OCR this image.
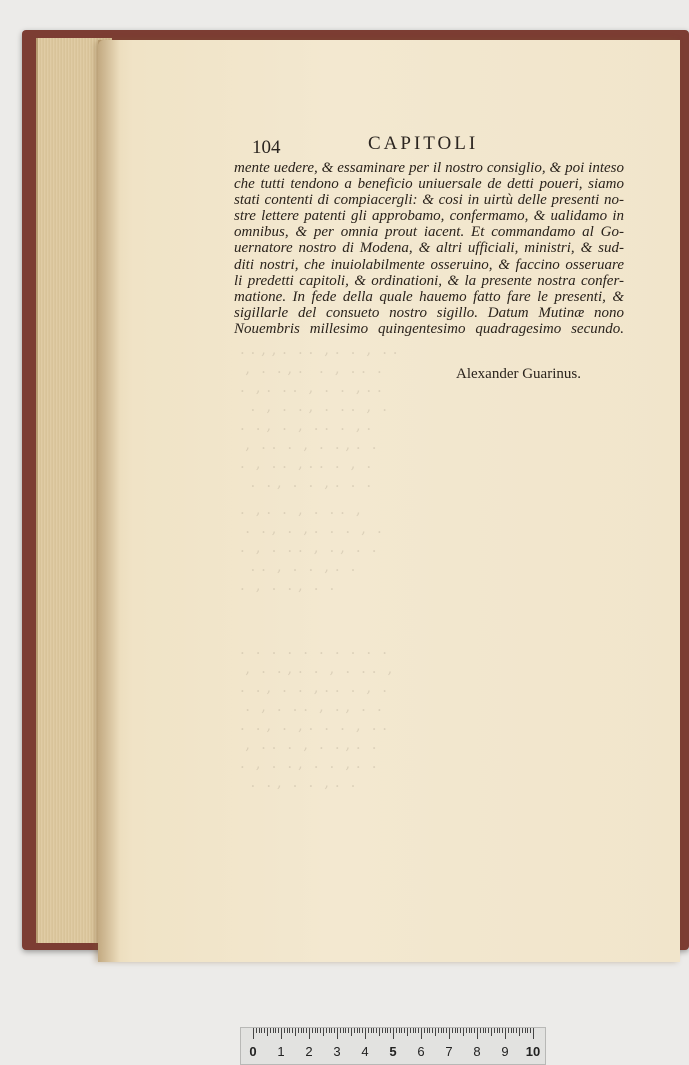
. . , , .  . .  , .  .  ,  . .
,  .  . , .   .  ,  . .  .
.  , .  . .  ,  .  .  , . .
.  ,  .  . ,  .  . .  ,  .
.  . ,  .  ,  . .  .  , .
,  . .  .  ,  .  . , .  .
.  ,  . .  , . .  .  ,  .
.  . ,  .  .  , .  .  .
.  , .  .  ,  .  . .  ,
.  . ,  .  , .  .  .  ,  .
.  ,  .  . .  ,  . ,  .  .
. .  ,  .  .  , .  .
.  ,  .  . ,  .  .
.  .  .  .  .  .  .  .  .  .
,  .  . , .  .  ,  .  . .  ,
.  . ,  .  .  , . .  .  ,  .
.  ,  .  . .  ,  . ,  .  .
.  . ,  .  , .  .  .  ,  . .
,  . .  .  ,  .  . , .  .
.  ,  .  . ,  .  .  , .  .
.  . ,  .  .  , .  .
104	CAPITOLI
mente uedere, & essaminare per il nostro consiglio, & poi inteso
che tutti tendono a beneficio uniuersale de detti poueri, siamo
stati contenti di compiacergli: & cosi in uirtù delle presenti no-
stre lettere patenti gli approbamo, confermamo, & ualidamo in
omnibus, & per omnia prout iacent. Et commandamo al Go-
uernatore nostro di Modena, & altri ufficiali, ministri, & sud-
diti nostri, che inuiolabilmente osseruino, & faccino osseruare
li predetti capitoli, & ordinationi, & la presente nostra confer-
matione. In fede della quale hauemo fatto fare le presenti, &
sigillarle del consueto nostro sigillo. Datum Mutinæ nono
Nouembris millesimo quingentesimo quadragesimo secundo.
Alexander Guarinus.
0	1	2	3	4	5	6	7	8	9	10
